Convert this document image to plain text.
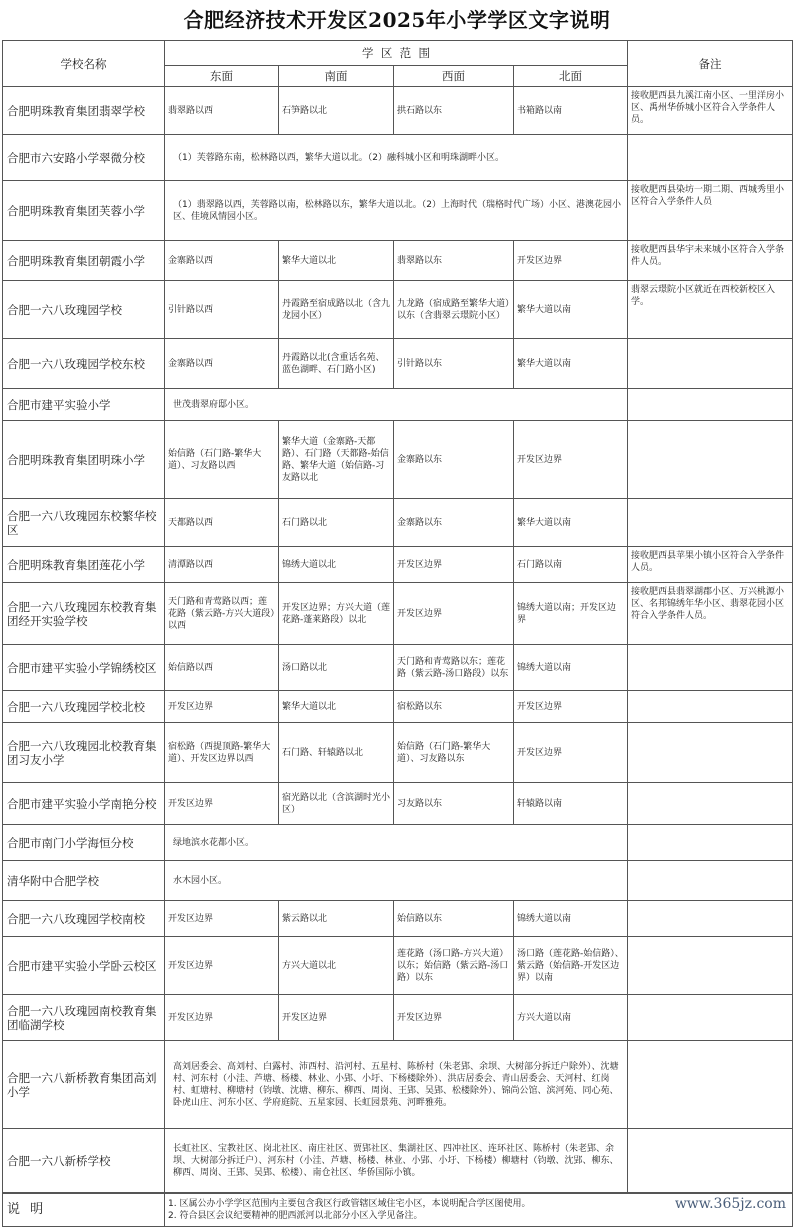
合肥经济技术开发区2025年小学学区文字说明
学校名称	学  区  范  围				备注
	东面	南面	西面	北面	
合肥明珠教育集团翡翠学校	翡翠路以西	石笋路以北	拱石路以东	书箱路以南	接收肥西县九溪江南小区、一里洋房小区、禹州华侨城小区符合入学条件人员。
合肥市六安路小学翠微分校	（1）芙蓉路东南，松林路以西，繁华大道以北。（2）融科城小区和明珠湖畔小区。				
合肥明珠教育集团芙蓉小学	（1）翡翠路以西，芙蓉路以南，松林路以东，繁华大道以北。（2）上海时代（瑞格时代广场）小区、港澳花园小区、佳境风情园小区。				接收肥西县染坊一期二期、西城秀里小区符合入学条件人员
合肥明珠教育集团朝霞小学	金寨路以西	繁华大道以北	翡翠路以东	开发区边界	接收肥西县华宇未来城小区符合入学条件人员。
合肥一六八玫瑰园学校	引针路以西	丹霞路至宿成路以北（含九龙园小区）	九龙路（宿成路至繁华大道）以东（含翡翠云璟院小区）	繁华大道以南	翡翠云璟院小区就近在西校新校区入学。
合肥一六八玫瑰园学校东校	金寨路以西	丹霞路以北(含重话名苑、蓝色湖畔、石门路小区)	引针路以东	繁华大道以南	
合肥市建平实验小学	世茂翡翠府邸小区。				
合肥明珠教育集团明珠小学	始信路（石门路-繁华大道）、习友路以西	繁华大道（金寨路-天都路）、石门路（天都路-始信路、繁华大道（始信路-习友路以北	金寨路以东	开发区边界	
合肥一六八玫瑰园东校繁华校区	天都路以西	石门路以北	金寨路以东	繁华大道以南	
合肥明珠教育集团莲花小学	清潭路以西	锦绣大道以北	开发区边界	石门路以南	接收肥西县苹果小镇小区符合入学条件人员。
合肥一六八玫瑰园东校教育集团经开实验学校	天门路和青莺路以西；莲花路（紫云路-方兴大道段）以西	开发区边界；方兴大道（莲花路-蓬莱路段）以北	开发区边界	锦绣大道以南；开发区边界	接收肥西县翡翠湖郡小区、万兴桃源小区、名邦锦绣年华小区、翡翠花园小区符合入学条件人员。
合肥市建平实验小学锦绣校区	始信路以西	汤口路以北	天门路和青莺路以东；莲花路（紫云路-汤口路段）以东	锦绣大道以南	
合肥一六八玫瑰园学校北校	开发区边界	繁华大道以北	宿松路以东	开发区边界	
合肥一六八玫瑰园北校教育集团习友小学	宿松路（西提顶路-繁华大道）、开发区边界以西	石门路、轩辕路以北	始信路（石门路-繁华大道）、习友路以东	开发区边界	
合肥市建平实验小学南艳分校	开发区边界	宿光路以北（含滨湖时光小区）	习友路以东	轩辕路以南	
合肥市南门小学海恒分校	绿地滨水花都小区。				
清华附中合肥学校	水木园小区。				
合肥一六八玫瑰园学校南校	开发区边界	紫云路以北	始信路以东	锦绣大道以南	
合肥市建平实验小学卧云校区	开发区边界	方兴大道以北	莲花路（汤口路-方兴大道）以东；始信路（紫云路-汤口路）以东	汤口路（莲花路-始信路）、紫云路（始信路-开发区边界）以南	
合肥一六八玫瑰园南校教育集团临湖学校	开发区边界	开发区边界	开发区边界	方兴大道以南	
合肥一六八新桥教育集团高刘小学	高刘居委会、高刘村、白露村、沛西村、沿河村、五星村、陈桥村（朱老郢、余坝、大树部分拆迁户除外）、沈塘村、河东村（小洼、芦塘、杨楼、林业、小郢、小圩、下杨楼除外）、洪店居委会、青山居委会、天河村、红岗村、虹塘村、柳塘村（钧墩、沈塘、柳东、柳西、周岗、王郢、吴郢、松楼除外）、锦尚公馆、滨河苑、同心苑、卧虎山庄、河东小区、学府庭院、五星家园、长虹园景苑、河畔雅苑。				
合肥一六八新桥学校	长虹社区、宝教社区、岗北社区、南庄社区、贾郢社区、集湖社区、四冲社区、连环社区、陈桥村（朱老郢、余坝、大树部分拆迁户）、河东村（小洼、芦塘、杨楼、林业、小郢、小圩、下杨楼）柳塘村（钧墩、沈郢、柳东、柳西、周岗、王郢、吴郢、松楼）、南仓社区、华侨国际小镇。				
说 明	1. 区属公办小学学区范围内主要包含我区行政管辖区域住宅小区，本说明配合学区图使用。
2. 符合县区会议纪要精神的肥西派河以北部分小区入学见备注。
www.365jz.com
